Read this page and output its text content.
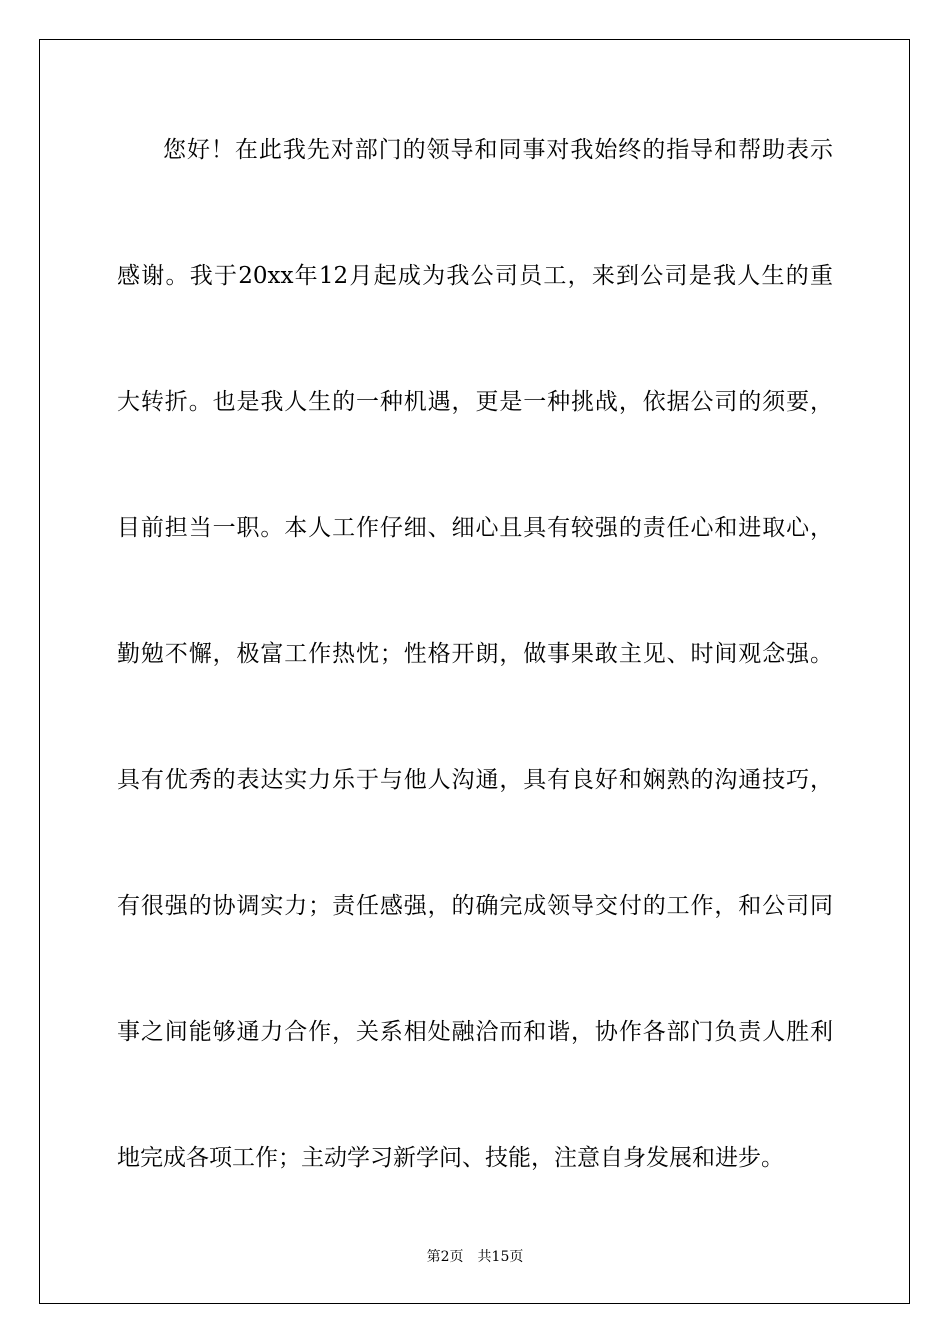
您好！在此我先对部门的领导和同事对我始终的指导和帮助表示
感谢。我于20xx年12月起成为我公司员工，来到公司是我人生的重
大转折。也是我人生的一种机遇，更是一种挑战，依据公司的须要，
目前担当一职。本人工作仔细、细心且具有较强的责任心和进取心，
勤勉不懈，极富工作热忱；性格开朗，做事果敢主见、时间观念强。
具有优秀的表达实力乐于与他人沟通，具有良好和娴熟的沟通技巧，
有很强的协调实力；责任感强，的确完成领导交付的工作，和公司同
事之间能够通力合作，关系相处融洽而和谐，协作各部门负责人胜利
地完成各项工作；主动学习新学问、技能，注意自身发展和进步。
第2页 共15页
